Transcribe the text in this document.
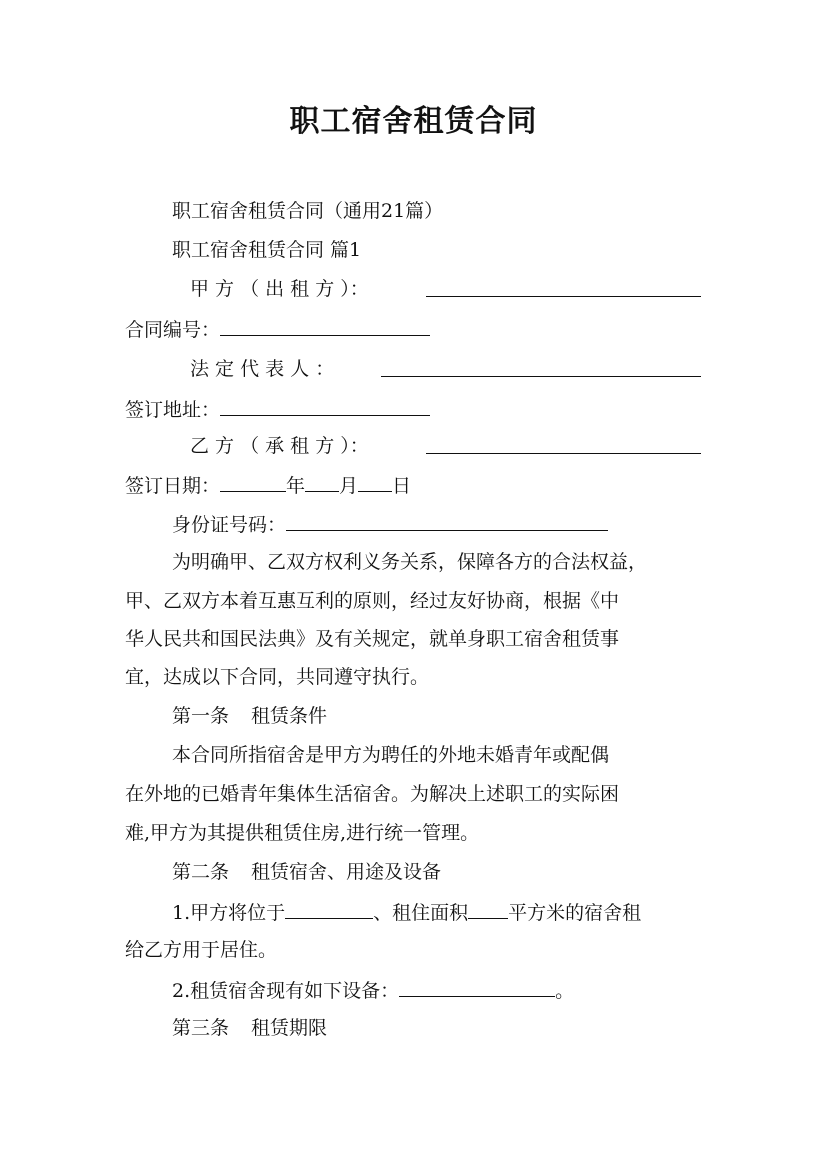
职工宿舍租赁合同
职工宿舍租赁合同（通用21篇）
职工宿舍租赁合同 篇1
甲 方 （ 出 租 方 ）：
合同编号：
法 定 代 表 人 ：
签订地址：
乙 方 （ 承 租 方 ）：
签订日期：	年 月 日
身份证号码：
为明确甲、乙双方权利义务关系，保障各方的合法权益，
甲、乙双方本着互惠互利的原则，经过友好协商，根据《中
华人民共和国民法典》及有关规定，就单身职工宿舍租赁事
宜，达成以下合同，共同遵守执行。
第一条 租赁条件
本合同所指宿舍是甲方为聘任的外地未婚青年或配偶
在外地的已婚青年集体生活宿舍。为解决上述职工的实际困
难,甲方为其提供租赁住房,进行统一管理。
第二条 租赁宿舍、用途及设备
1.甲方将位于	、租住面积 平方米的宿舍租
给乙方用于居住。
2.租赁宿舍现有如下设备：	。
第三条 租赁期限
